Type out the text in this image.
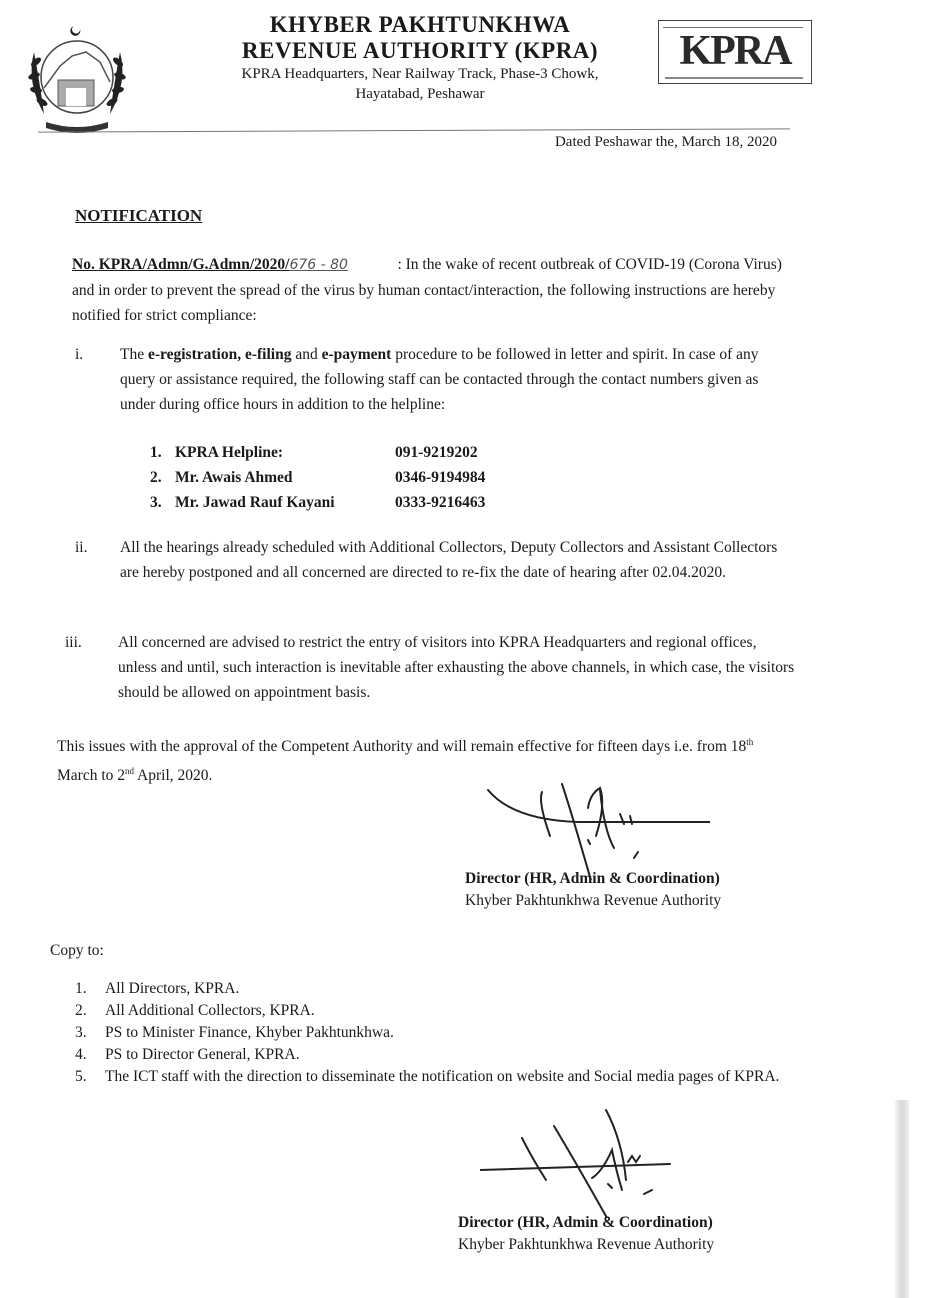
KHYBER PAKHTUNKHWA
REVENUE AUTHORITY (KPRA)
KPRA Headquarters, Near Railway Track, Phase-3 Chowk,
Hayatabad, Peshawar
KPRA
Dated Peshawar the, March 18, 2020
NOTIFICATION
No. KPRA/Admn/G.Admn/2020/676 - 80	: In the wake of recent outbreak of COVID-19 (Corona Virus) and in order to prevent the spread of the virus by human contact/interaction, the following instructions are hereby notified for strict compliance:
i. The e-registration, e-filing and e-payment procedure to be followed in letter and spirit. In case of any query or assistance required, the following staff can be contacted through the contact numbers given as under during office hours in addition to the helpline:
1. KPRA Helpline:	091-9219202
2. Mr. Awais Ahmed	0346-9194984
3. Mr. Jawad Rauf Kayani	0333-9216463
ii. All the hearings already scheduled with Additional Collectors, Deputy Collectors and Assistant Collectors are hereby postponed and all concerned are directed to re-fix the date of hearing after 02.04.2020.
iii. All concerned are advised to restrict the entry of visitors into KPRA Headquarters and regional offices, unless and until, such interaction is inevitable after exhausting the above channels, in which case, the visitors should be allowed on appointment basis.
This issues with the approval of the Competent Authority and will remain effective for fifteen days i.e. from 18th March to 2nd April, 2020.
Director (HR, Admin & Coordination)
Khyber Pakhtunkhwa Revenue Authority
Copy to:
1.	All Directors, KPRA.
2.	All Additional Collectors, KPRA.
3.	PS to Minister Finance, Khyber Pakhtunkhwa.
4.	PS to Director General, KPRA.
5.	The ICT staff with the direction to disseminate the notification on website and Social media pages of KPRA.
Director (HR, Admin & Coordination)
Khyber Pakhtunkhwa Revenue Authority
